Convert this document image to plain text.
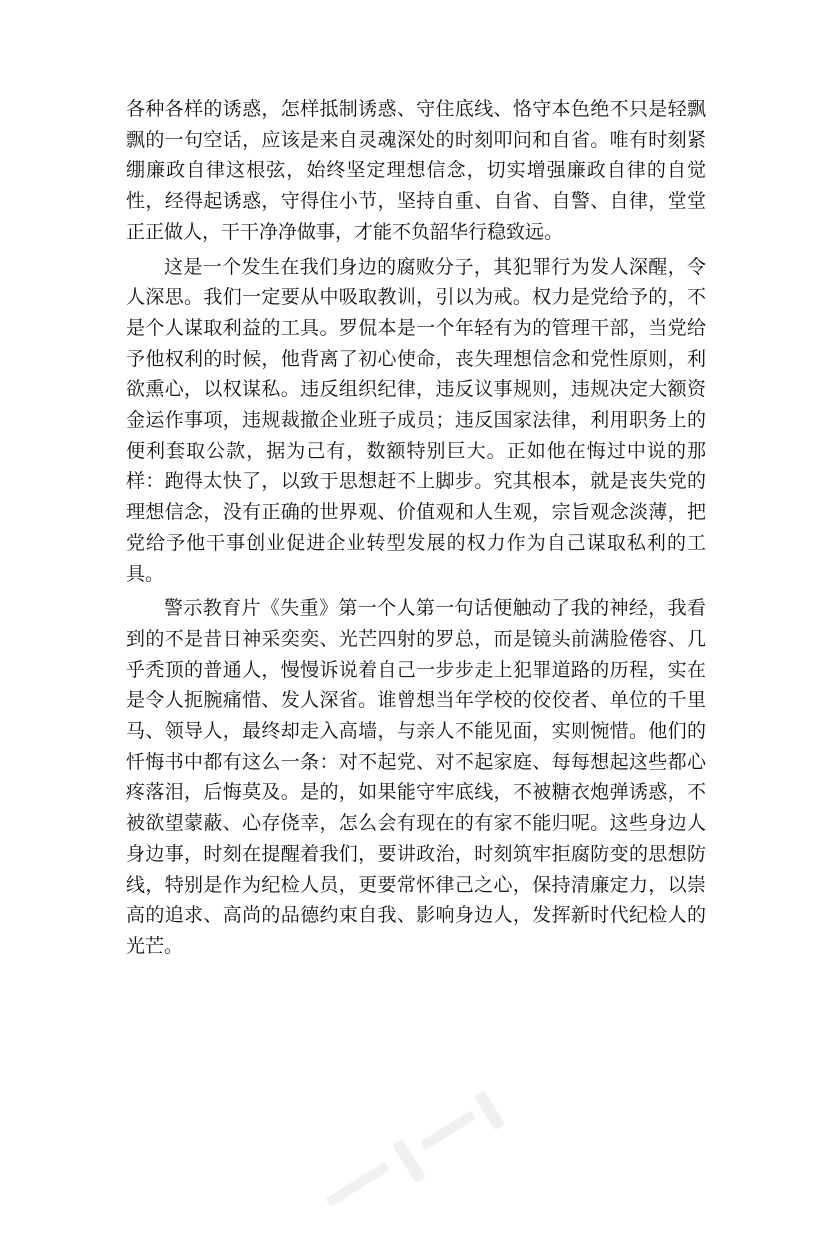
各种各样的诱惑，怎样抵制诱惑、守住底线、恪守本色绝不只是轻飘飘的一句空话，应该是来自灵魂深处的时刻叩问和自省。唯有时刻紧绷廉政自律这根弦，始终坚定理想信念，切实增强廉政自律的自觉性，经得起诱惑，守得住小节，坚持自重、自省、自警、自律，堂堂正正做人，干干净净做事，才能不负韶华行稳致远。

这是一个发生在我们身边的腐败分子，其犯罪行为发人深醒，令人深思。我们一定要从中吸取教训，引以为戒。权力是党给予的，不是个人谋取利益的工具。罗侃本是一个年轻有为的管理干部，当党给予他权利的时候，他背离了初心使命，丧失理想信念和党性原则，利欲熏心，以权谋私。违反组织纪律，违反议事规则，违规决定大额资金运作事项，违规裁撤企业班子成员；违反国家法律，利用职务上的便利套取公款，据为己有，数额特别巨大。正如他在悔过中说的那样：跑得太快了，以致于思想赶不上脚步。究其根本，就是丧失党的理想信念，没有正确的世界观、价值观和人生观，宗旨观念淡薄，把党给予他干事创业促进企业转型发展的权力作为自己谋取私利的工具。

警示教育片《失重》第一个人第一句话便触动了我的神经，我看到的不是昔日神采奕奕、光芒四射的罗总，而是镜头前满脸倦容、几乎秃顶的普通人，慢慢诉说着自己一步步走上犯罪道路的历程，实在是令人扼腕痛惜、发人深省。谁曾想当年学校的佼佼者、单位的千里马、领导人，最终却走入高墙，与亲人不能见面，实则惋惜。他们的忏悔书中都有这么一条：对不起党、对不起家庭、每每想起这些都心疼落泪，后悔莫及。是的，如果能守牢底线，不被糖衣炮弹诱惑，不被欲望蒙蔽、心存侥幸，怎么会有现在的有家不能归呢。这些身边人身边事，时刻在提醒着我们，要讲政治，时刻筑牢拒腐防变的思想防线，特别是作为纪检人员，更要常怀律己之心，保持清廉定力，以崇高的追求、高尚的品德约束自我、影响身边人，发挥新时代纪检人的光芒。
